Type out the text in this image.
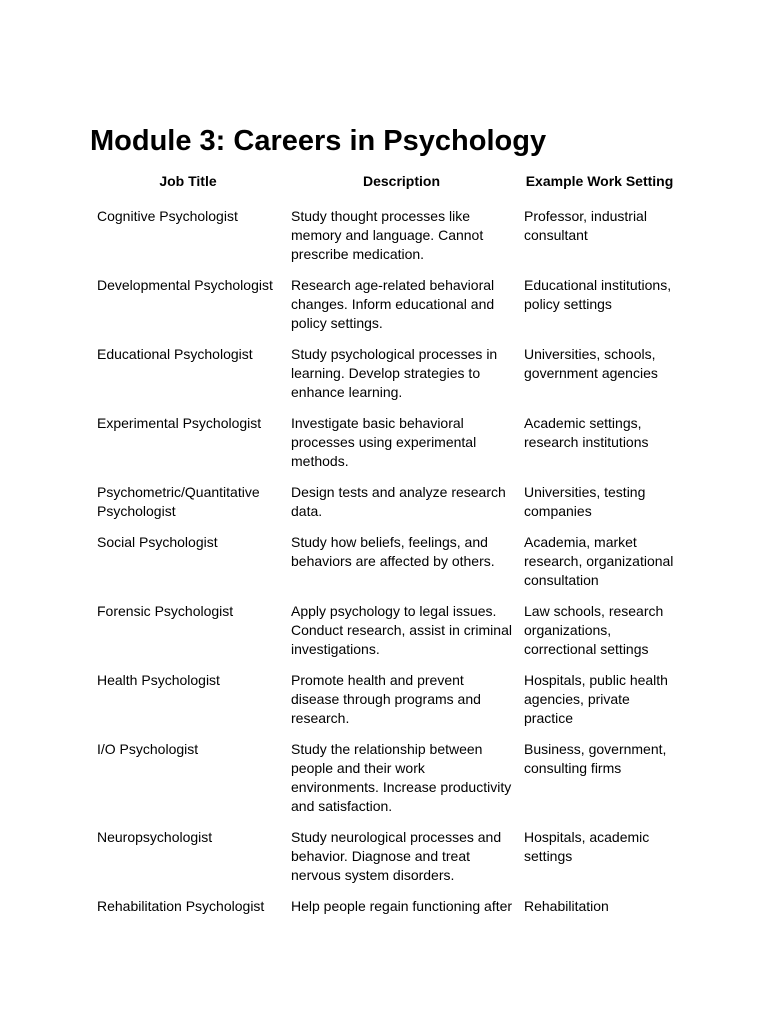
Module 3: Careers in Psychology
Job Title	Description	Example Work Setting
Cognitive Psychologist	Study thought processes like memory and language. Cannot prescribe medication.	Professor, industrial consultant
Developmental Psychologist	Research age-related behavioral changes. Inform educational and policy settings.	Educational institutions, policy settings
Educational Psychologist	Study psychological processes in learning. Develop strategies to enhance learning.	Universities, schools, government agencies
Experimental Psychologist	Investigate basic behavioral processes using experimental methods.	Academic settings, research institutions
Psychometric/Quantitative Psychologist	Design tests and analyze research data.	Universities, testing companies
Social Psychologist	Study how beliefs, feelings, and behaviors are affected by others.	Academia, market research, organizational consultation
Forensic Psychologist	Apply psychology to legal issues. Conduct research, assist in criminal investigations.	Law schools, research organizations, correctional settings
Health Psychologist	Promote health and prevent disease through programs and research.	Hospitals, public health agencies, private practice
I/O Psychologist	Study the relationship between people and their work environments. Increase productivity and satisfaction.	Business, government, consulting firms
Neuropsychologist	Study neurological processes and behavior. Diagnose and treat nervous system disorders.	Hospitals, academic settings
Rehabilitation Psychologist	Help people regain functioning after	Rehabilitation
